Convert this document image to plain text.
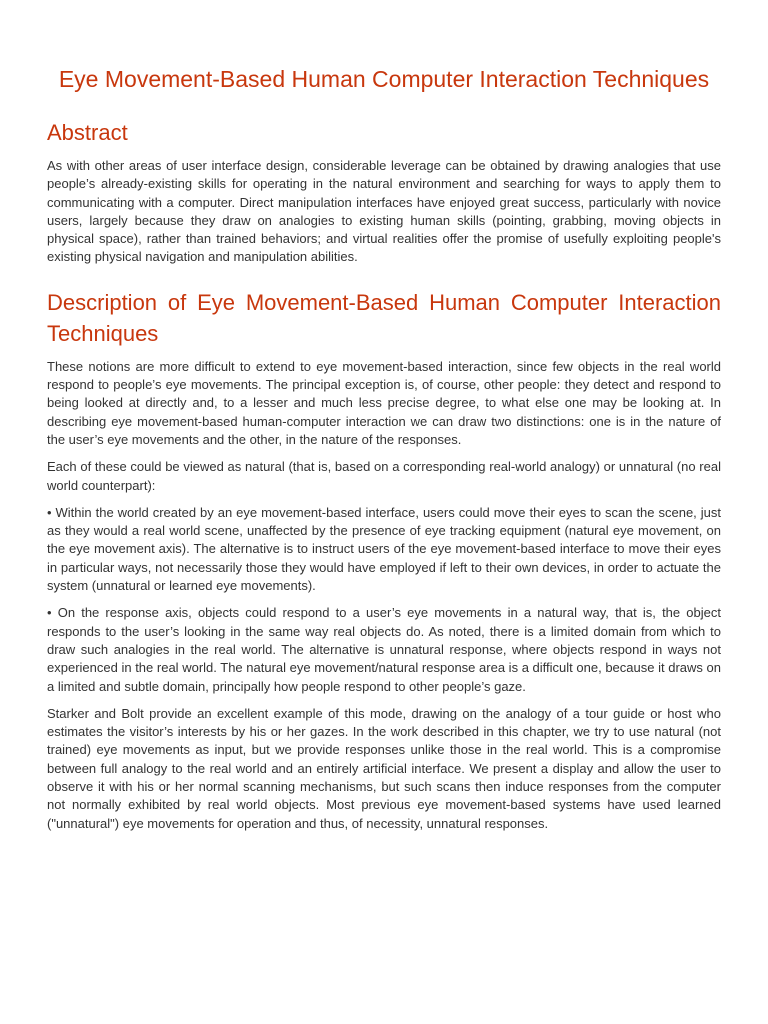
Eye Movement-Based Human Computer Interaction Techniques
Abstract

As with other areas of user interface design, considerable leverage can be obtained by drawing analogies that use people’s already-existing skills for operating in the natural environment and searching for ways to apply them to communicating with a computer. Direct manipulation interfaces have enjoyed great success, particularly with novice users, largely because they draw on analogies to existing human skills (pointing, grabbing, moving objects in physical space), rather than trained behaviors; and virtual realities offer the promise of usefully exploiting people's existing physical navigation and manipulation abilities.

Description of Eye Movement-Based Human Computer Interaction Techniques

These notions are more difficult to extend to eye movement-based interaction, since few objects in the real world respond to people’s eye movements. The principal exception is, of course, other people: they detect and respond to being looked at directly and, to a lesser and much less precise degree, to what else one may be looking at. In describing eye movement-based human-computer interaction we can draw two distinctions: one is in the nature of the user’s eye movements and the other, in the nature of the responses.

Each of these could be viewed as natural (that is, based on a corresponding real-world analogy) or unnatural (no real world counterpart):

• Within the world created by an eye movement-based interface, users could move their eyes to scan the scene, just as they would a real world scene, unaffected by the presence of eye tracking equipment (natural eye movement, on the eye movement axis). The alternative is to instruct users of the eye movement-based interface to move their eyes in particular ways, not necessarily those they would have employed if left to their own devices, in order to actuate the system (unnatural or learned eye movements).

• On the response axis, objects could respond to a user’s eye movements in a natural way, that is, the object responds to the user’s looking in the same way real objects do. As noted, there is a limited domain from which to draw such analogies in the real world. The alternative is unnatural response, where objects respond in ways not experienced in the real world. The natural eye movement/natural response area is a difficult one, because it draws on a limited and subtle domain, principally how people respond to other people’s gaze.

Starker and Bolt provide an excellent example of this mode, drawing on the analogy of a tour guide or host who estimates the visitor’s interests by his or her gazes. In the work described in this chapter, we try to use natural (not trained) eye movements as input, but we provide responses unlike those in the real world. This is a compromise between full analogy to the real world and an entirely artificial interface. We present a display and allow the user to observe it with his or her normal scanning mechanisms, but such scans then induce responses from the computer not normally exhibited by real world objects. Most previous eye movement-based systems have used learned ("unnatural") eye movements for operation and thus, of necessity, unnatural responses.
